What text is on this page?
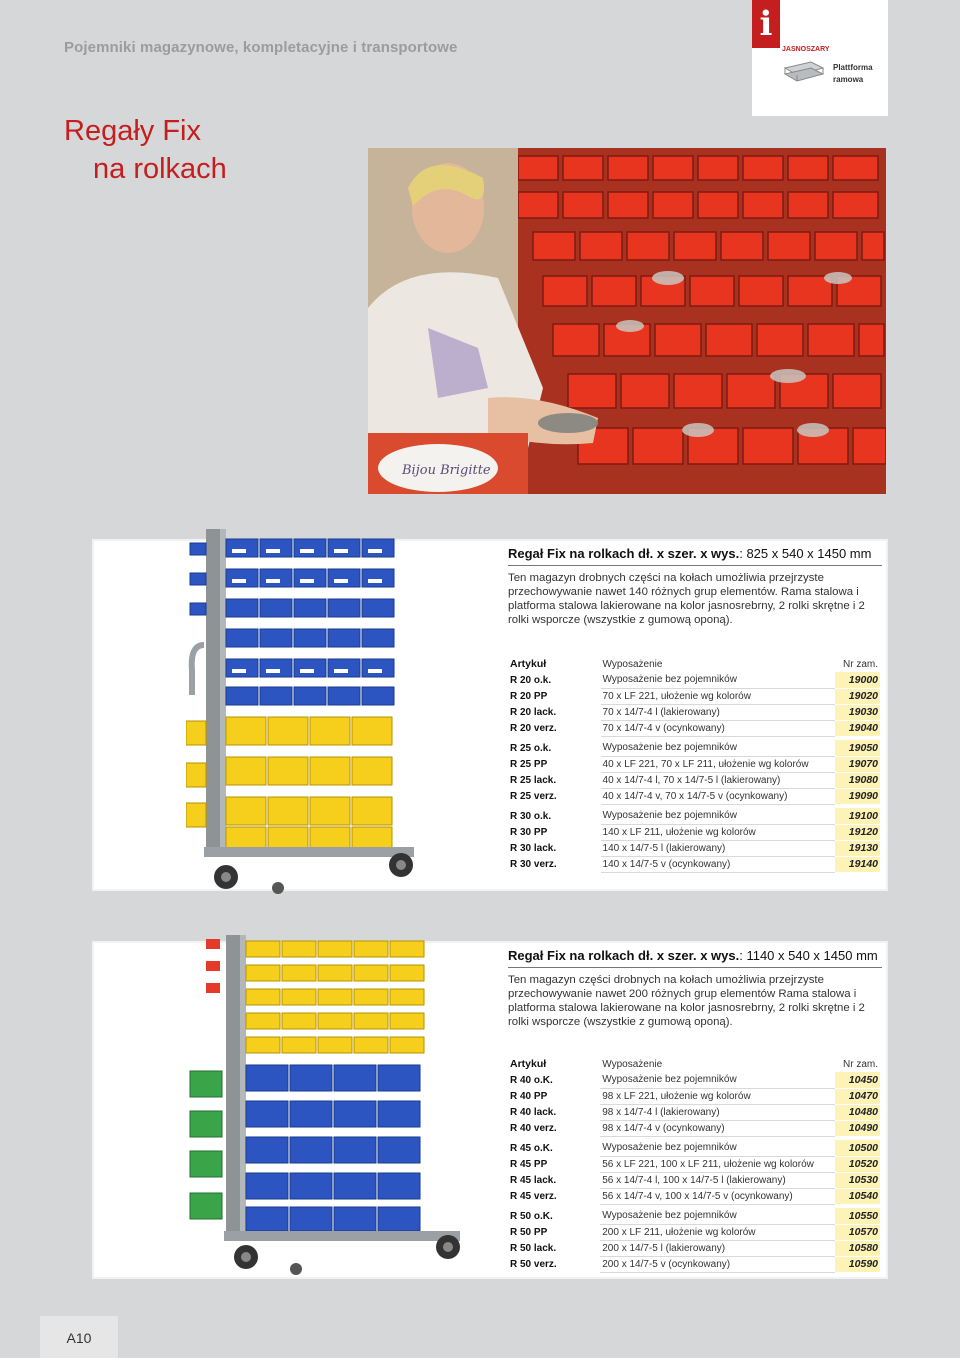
Pojemniki magazynowe, kompletacyjne i transportowe
i
JASNOSZARY
Plattforma ramowa
Regały Fix
na rolkach
Bijou Brigitte
Regał Fix na rolkach dł. x szer. x wys.: 825 x 540 x 1450 mm
Ten magazyn drobnych części na kołach umożliwia przejrzyste przechowywanie nawet 140 różnych grup elementów. Rama stalowa i platforma stalowa lakierowane na kolor jasnosrebrny, 2 rolki skrętne i 2 rolki wsporcze (wszystkie z gumową oponą).
Artykuł	Wyposażenie	Nr zam.
R 20 o.k.	Wyposażenie bez pojemników	19000
R 20 PP	70 x LF 221, ułożenie wg kolorów	19020
R 20 lack.	70 x 14/7-4 l (lakierowany)	19030
R 20 verz.	70 x 14/7-4 v (ocynkowany)	19040

R 25 o.k.	Wyposażenie bez pojemników	19050
R 25 PP	40 x LF 221, 70 x LF 211, ułożenie wg kolorów	19070
R 25 lack.	40 x 14/7-4 l, 70 x 14/7-5 l (lakierowany)	19080
R 25 verz.	40 x 14/7-4 v, 70 x 14/7-5 v (ocynkowany)	19090

R 30 o.k.	Wyposażenie bez pojemników	19100
R 30 PP	140 x LF 211, ułożenie wg kolorów	19120
R 30 lack.	140 x 14/7-5 l (lakierowany)	19130
R 30 verz.	140 x 14/7-5 v (ocynkowany)	19140
Regał Fix na rolkach dł. x szer. x wys.: 1140 x 540 x 1450 mm
Ten magazyn części drobnych na kołach umożliwia przejrzyste przechowywanie nawet 200 różnych grup elementów Rama stalowa i platforma stalowa lakierowane na kolor jasnosrebrny, 2 rolki skrętne i 2 rolki wsporcze (wszystkie z gumową oponą).
Artykuł	Wyposażenie	Nr zam.
R 40 o.K.	Wyposażenie bez pojemników	10450
R 40 PP	98 x LF 221, ułożenie wg kolorów	10470
R 40 lack.	98 x 14/7-4 l (lakierowany)	10480
R 40 verz.	98 x 14/7-4 v (ocynkowany)	10490

R 45 o.K.	Wyposażenie bez pojemników	10500
R 45 PP	56 x LF 221, 100 x LF 211, ułożenie wg kolorów	10520
R 45 lack.	56 x 14/7-4 l, 100 x 14/7-5 l (lakierowany)	10530
R 45 verz.	56 x 14/7-4 v, 100 x 14/7-5 v (ocynkowany)	10540

R 50 o.K.	Wyposażenie bez pojemników	10550
R 50 PP	200 x LF 211, ułożenie wg kolorów	10570
R 50 lack.	200 x 14/7-5 l (lakierowany)	10580
R 50 verz.	200 x 14/7-5 v (ocynkowany)	10590
A10
